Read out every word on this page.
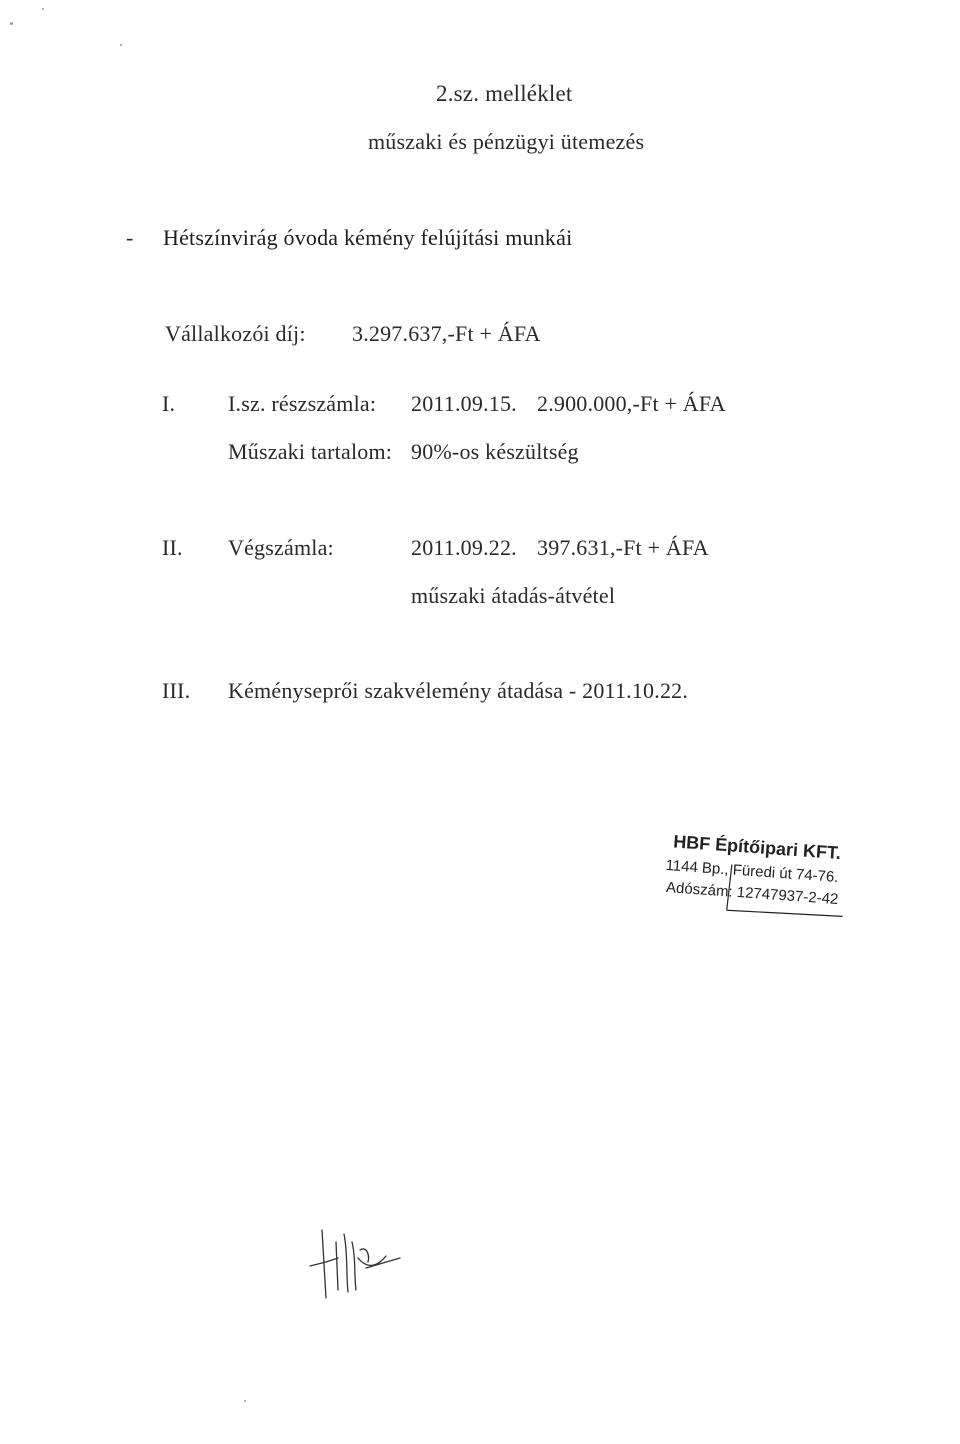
2.sz. melléklet
műszaki és pénzügyi ütemezés
- Hétszínvirág óvoda kémény felújítási munkái
Vállalkozói díj: 3.297.637,-Ft + ÁFA
I. I.sz. részszámla: 2011.09.15. 2.900.000,-Ft + ÁFA
Műszaki tartalom: 90%-os készültség
II. Végszámla:	2011.09.22. 397.631,-Ft + ÁFA
műszaki átadás-átvétel
III. Kéményseprői szakvélemény átadása - 2011.10.22.
HBF Építőipari KFT.
1144 Bp., Füredi út 74-76.
Adószám: 12747937-2-42
